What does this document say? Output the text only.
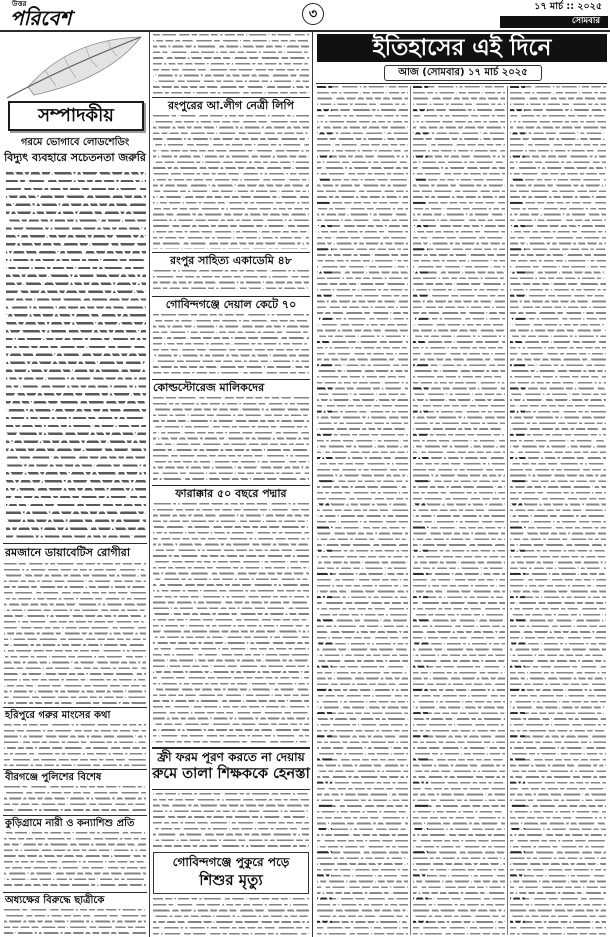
উত্তর
পরিবেশ	৩	১৭ মার্চ :: ২০২৫
সোমবার
সম্পাদকীয়
গরমে ভোগাবে লোডশেডিং
বিদ্যুৎ ব্যবহারে সচেতনতা জরুরি
রমজানে ডায়াবেটিস রোগীরা
হরিপুরে গরুর মাংসের কথা
বীরগঞ্জে পুলিশের বিশেষ
কুড়িগ্রামে নারী ও কন্যাশিশু প্রতি
অধ্যক্ষের বিরুদ্ধে ছাত্রীকে
রংপুরের আ.লীগ নেত্রী লিপি
রংপুর সাহিত্য একাডেমি ৪৮
গোবিন্দগঞ্জে দেয়াল কেটে ৭০
কোল্ডস্টোরেজ মালিকদের
ফারাক্কার ৫০ বছরে পদ্মার
ফ্রী ফরম পূরণ করতে না দেয়ায়
রুমে তালা শিক্ষককে হেনস্তা
গোবিন্দগঞ্জে পুকুরে পড়ে
শিশুর মৃত্যু
ইতিহাসের এই দিনে
আজ (সোমবার) ১৭ মার্চ ২০২৫
